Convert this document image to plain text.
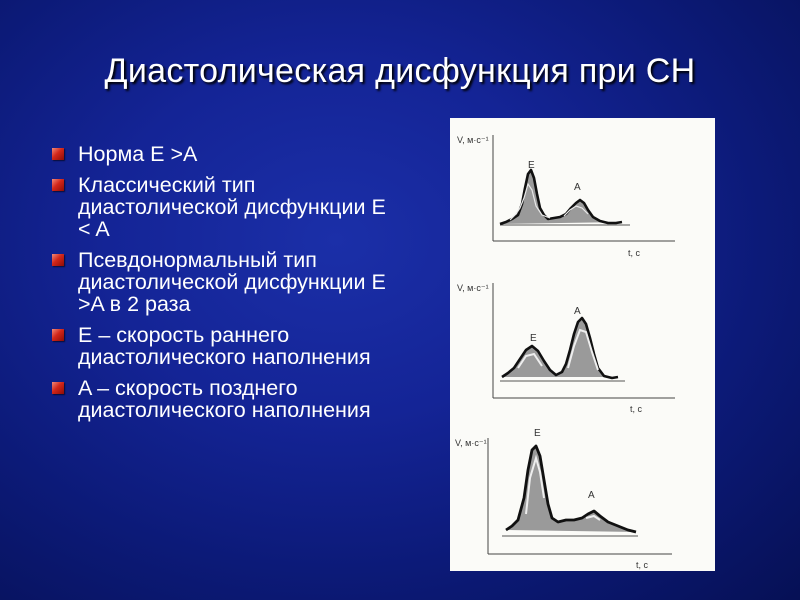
Диастолическая дисфункция при СН
Норма E >A
Классический тип диастолической дисфункции E < A
Псевдонормальный тип диастолической дисфункции E >A в 2 раза
E – скорость раннего диастолического наполнения
A – скорость позднего диастолического наполнения
V, м·с⁻¹
t, c
E
A
V, м·с⁻¹
t, c
E
A
V, м·с⁻¹
t, c
E
A
